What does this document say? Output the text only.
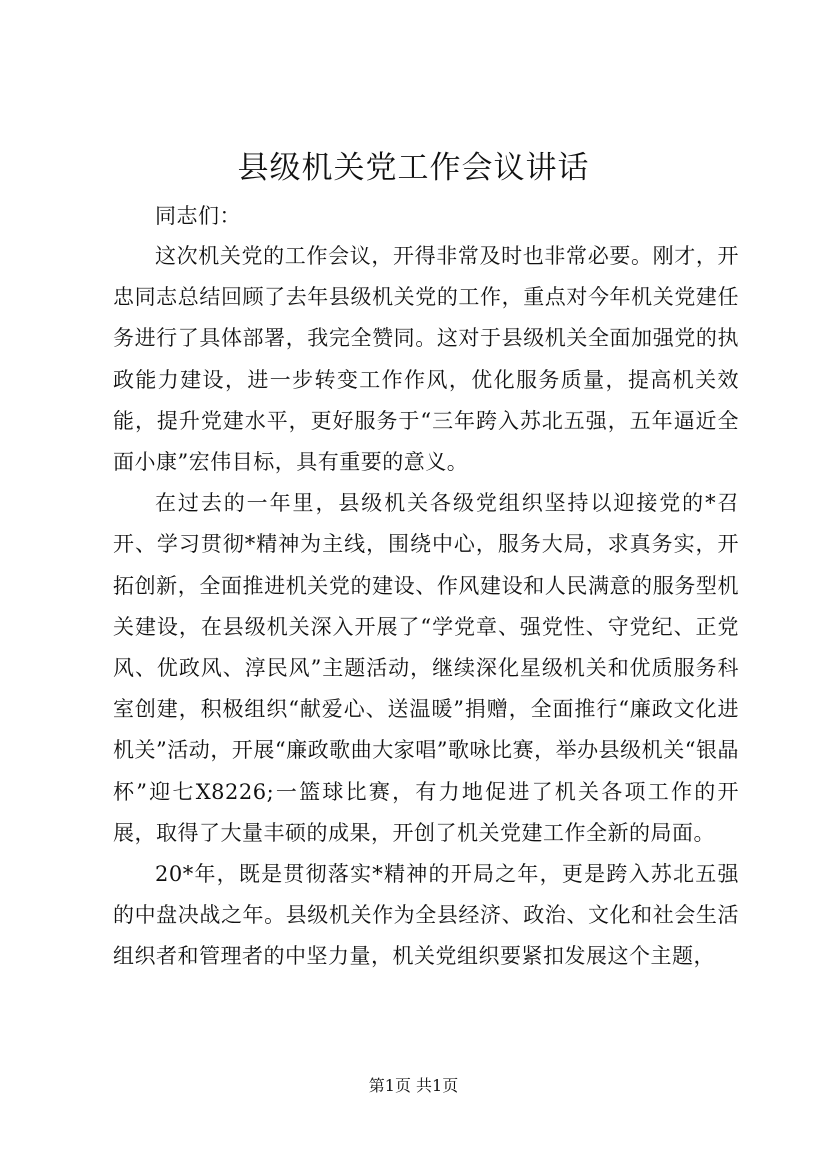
县级机关党工作会议讲话

同志们：

这次机关党的工作会议，开得非常及时也非常必要。刚才，开忠同志总结回顾了去年县级机关党的工作，重点对今年机关党建任务进行了具体部署，我完全赞同。这对于县级机关全面加强党的执政能力建设，进一步转变工作作风，优化服务质量，提高机关效能，提升党建水平，更好服务于“三年跨入苏北五强，五年逼近全面小康”宏伟目标，具有重要的意义。

在过去的一年里，县级机关各级党组织坚持以迎接党的*召开、学习贯彻*精神为主线，围绕中心，服务大局，求真务实，开拓创新，全面推进机关党的建设、作风建设和人民满意的服务型机关建设，在县级机关深入开展了“学党章、强党性、守党纪、正党风、优政风、淳民风”主题活动，继续深化星级机关和优质服务科室创建，积极组织“献爱心、送温暖”捐赠，全面推行“廉政文化进机关”活动，开展“廉政歌曲大家唱”歌咏比赛，举办县级机关“银晶杯”迎七X8226;一篮球比赛，有力地促进了机关各项工作的开展，取得了大量丰硕的成果，开创了机关党建工作全新的局面。

20*年，既是贯彻落实*精神的开局之年，更是跨入苏北五强的中盘决战之年。县级机关作为全县经济、政治、文化和社会生活组织者和管理者的中坚力量，机关党组织要紧扣发展这个主题，

第1页 共1页
